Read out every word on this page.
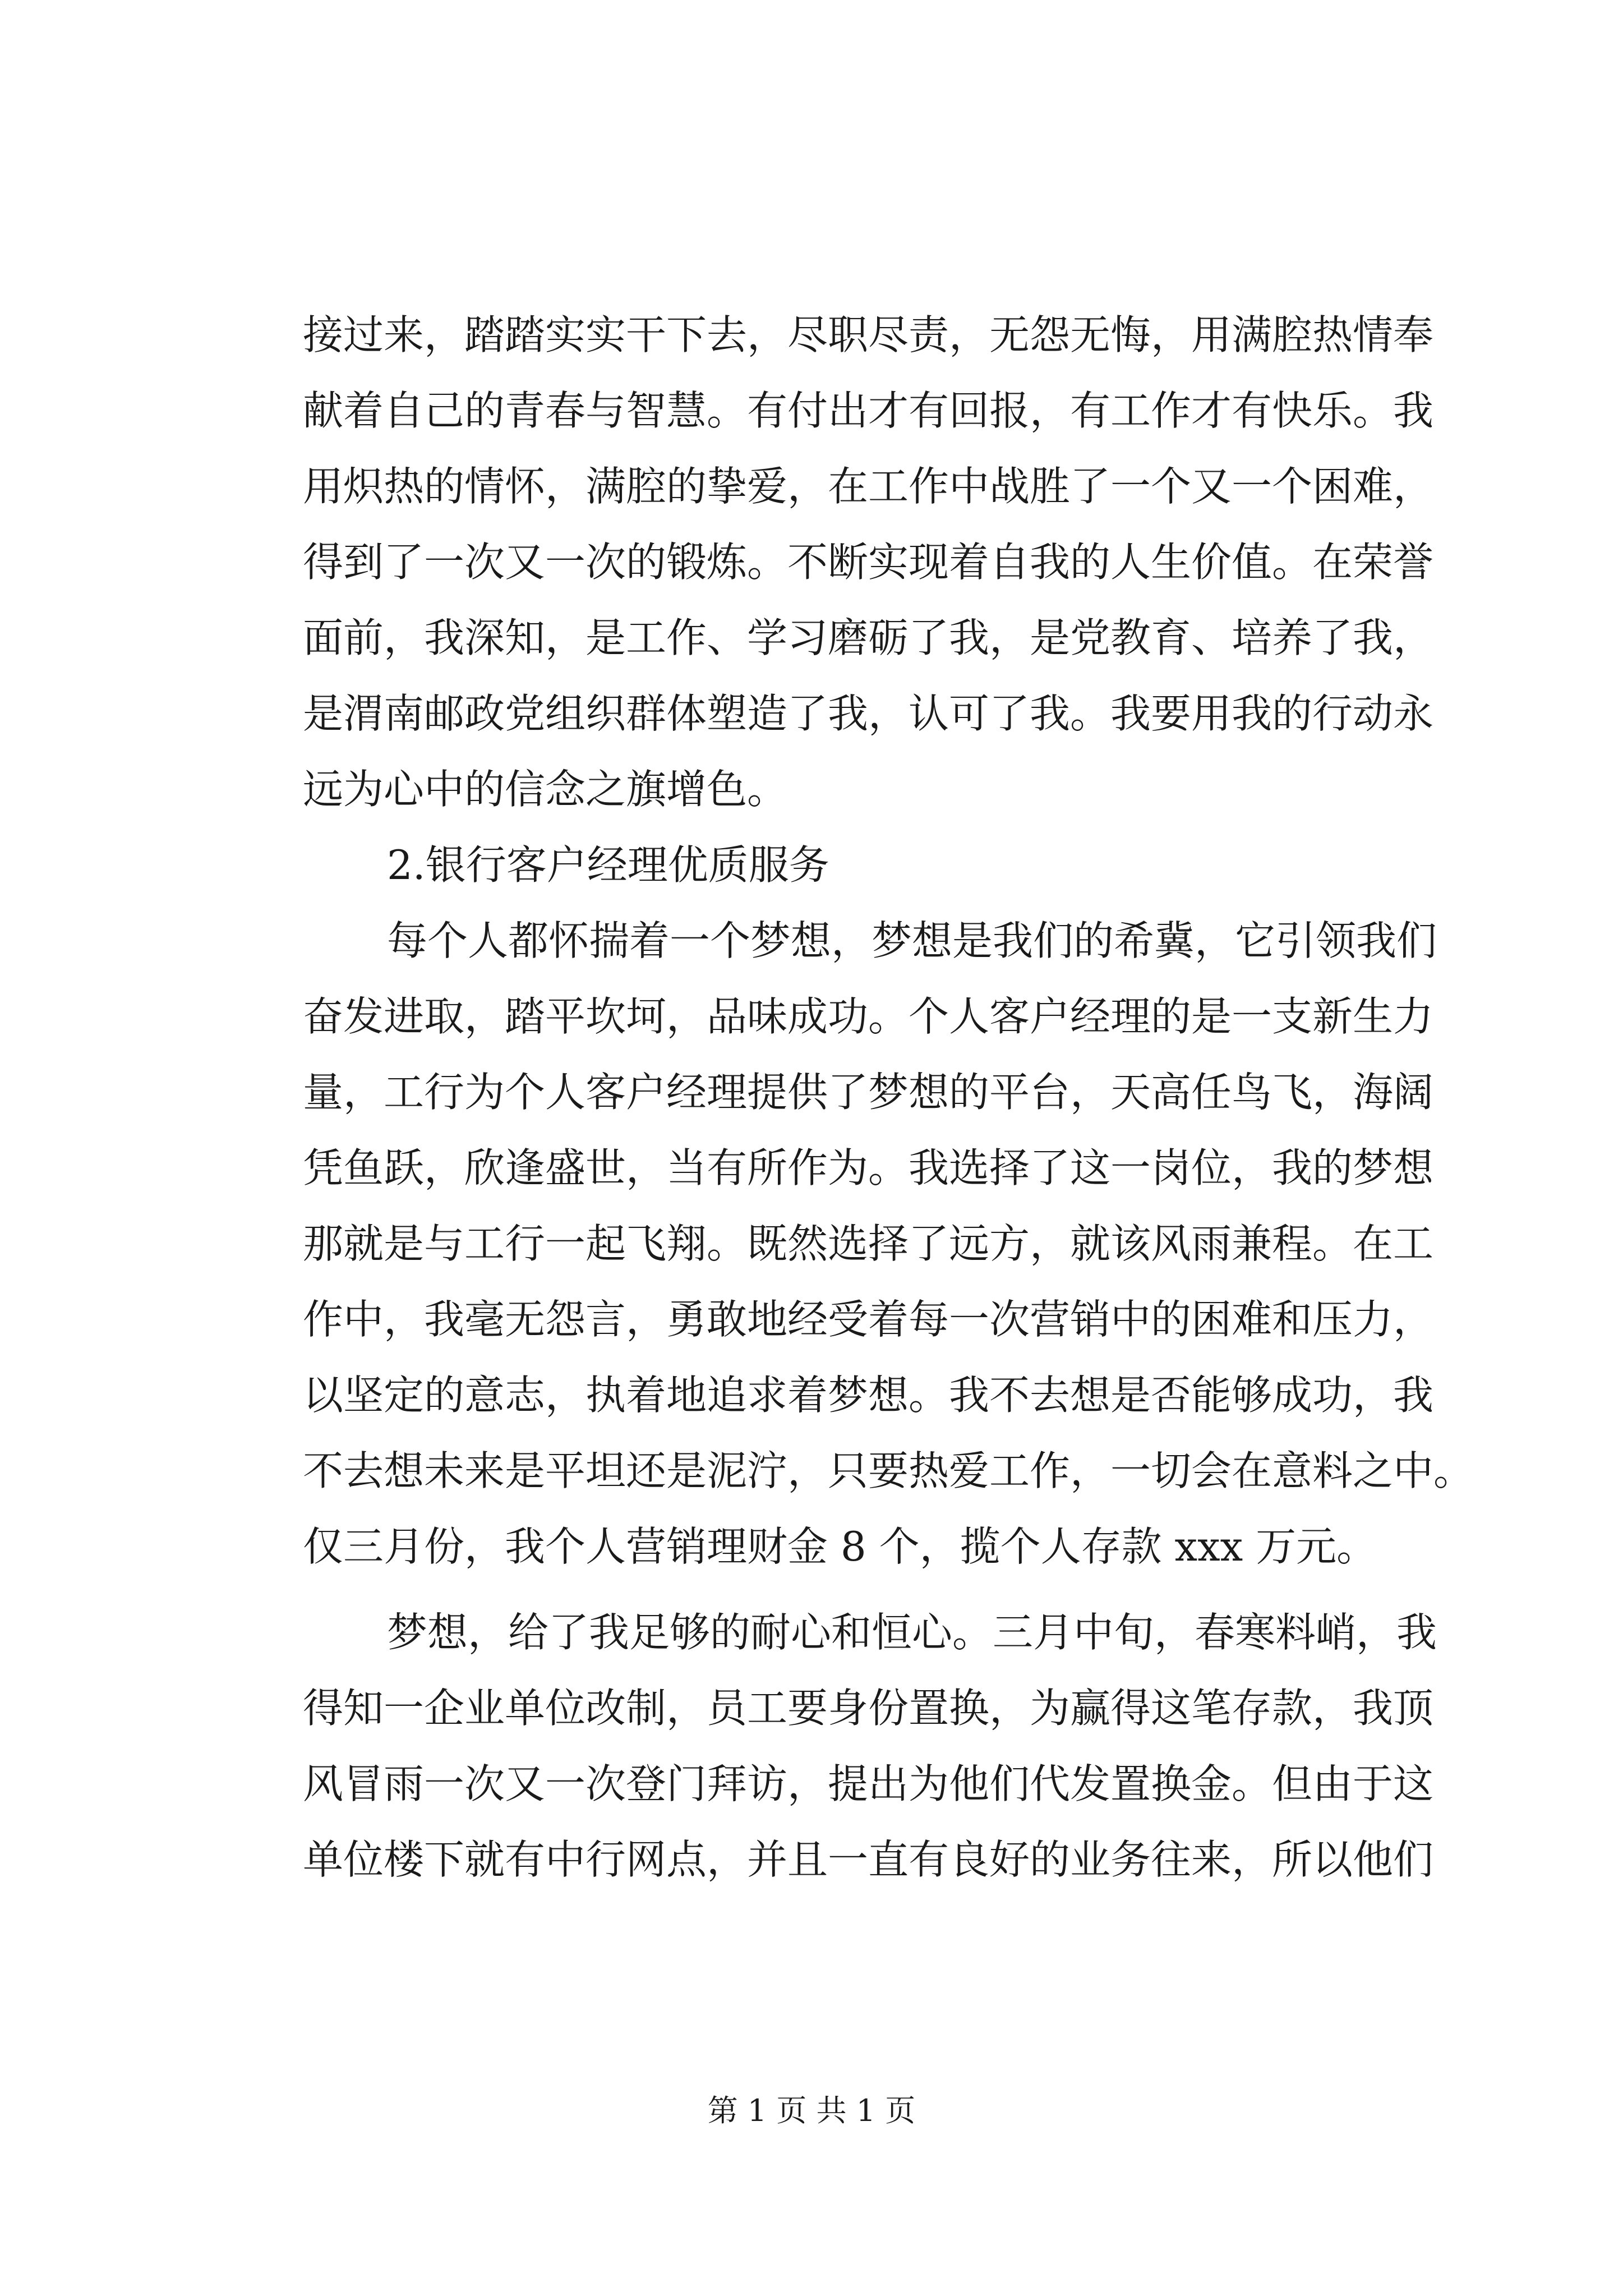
接过来，踏踏实实干下去，尽职尽责，无怨无悔，用满腔热情奉
献着自己的青春与智慧。有付出才有回报，有工作才有快乐。我
用炽热的情怀，满腔的挚爱，在工作中战胜了一个又一个困难，
得到了一次又一次的锻炼。不断实现着自我的人生价值。在荣誉
面前，我深知，是工作、学习磨砺了我，是党教育、培养了我，
是渭南邮政党组织群体塑造了我，认可了我。我要用我的行动永
远为心中的信念之旗增色。
2.银行客户经理优质服务
每个人都怀揣着一个梦想，梦想是我们的希冀，它引领我们
奋发进取，踏平坎坷，品味成功。个人客户经理的是一支新生力
量，工行为个人客户经理提供了梦想的平台，天高任鸟飞，海阔
凭鱼跃，欣逢盛世，当有所作为。我选择了这一岗位，我的梦想
那就是与工行一起飞翔。既然选择了远方，就该风雨兼程。在工
作中，我毫无怨言，勇敢地经受着每一次营销中的困难和压力，
以坚定的意志，执着地追求着梦想。我不去想是否能够成功，我
不去想未来是平坦还是泥泞，只要热爱工作，一切会在意料之中。
仅三月份，我个人营销理财金 8 个，揽个人存款 xxx 万元。
梦想，给了我足够的耐心和恒心。三月中旬，春寒料峭，我
得知一企业单位改制，员工要身份置换，为赢得这笔存款，我顶
风冒雨一次又一次登门拜访，提出为他们代发置换金。但由于这
单位楼下就有中行网点，并且一直有良好的业务往来，所以他们
第 1 页 共 1 页
